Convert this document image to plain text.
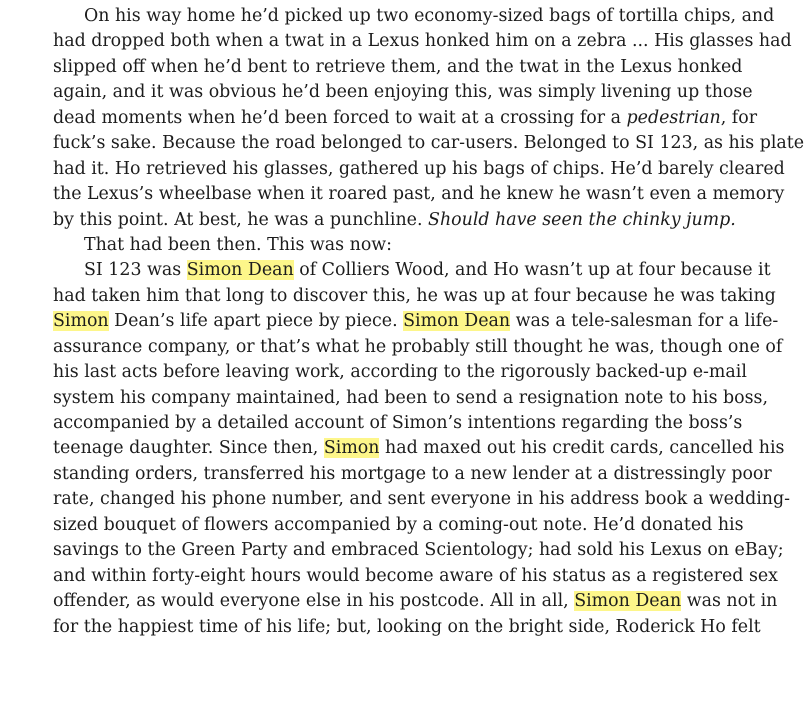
On his way home he’d picked up two economy-sized bags of tortilla chips, and
had dropped both when a twat in a Lexus honked him on a zebra ... His glasses had
slipped off when he’d bent to retrieve them, and the twat in the Lexus honked
again, and it was obvious he’d been enjoying this, was simply livening up those
dead moments when he’d been forced to wait at a crossing for a pedestrian, for
fuck’s sake. Because the road belonged to car-users. Belonged to SI 123, as his plate
had it. Ho retrieved his glasses, gathered up his bags of chips. He’d barely cleared
the Lexus’s wheelbase when it roared past, and he knew he wasn’t even a memory
by this point. At best, he was a punchline. Should have seen the chinky jump.
That had been then. This was now:
SI 123 was Simon Dean of Colliers Wood, and Ho wasn’t up at four because it
had taken him that long to discover this, he was up at four because he was taking
Simon Dean’s life apart piece by piece. Simon Dean was a tele-salesman for a life-
assurance company, or that’s what he probably still thought he was, though one of
his last acts before leaving work, according to the rigorously backed-up e-mail
system his company maintained, had been to send a resignation note to his boss,
accompanied by a detailed account of Simon’s intentions regarding the boss’s
teenage daughter. Since then, Simon had maxed out his credit cards, cancelled his
standing orders, transferred his mortgage to a new lender at a distressingly poor
rate, changed his phone number, and sent everyone in his address book a wedding-
sized bouquet of flowers accompanied by a coming-out note. He’d donated his
savings to the Green Party and embraced Scientology; had sold his Lexus on eBay;
and within forty-eight hours would become aware of his status as a registered sex
offender, as would everyone else in his postcode. All in all, Simon Dean was not in
for the happiest time of his life; but, looking on the bright side, Roderick Ho felt
